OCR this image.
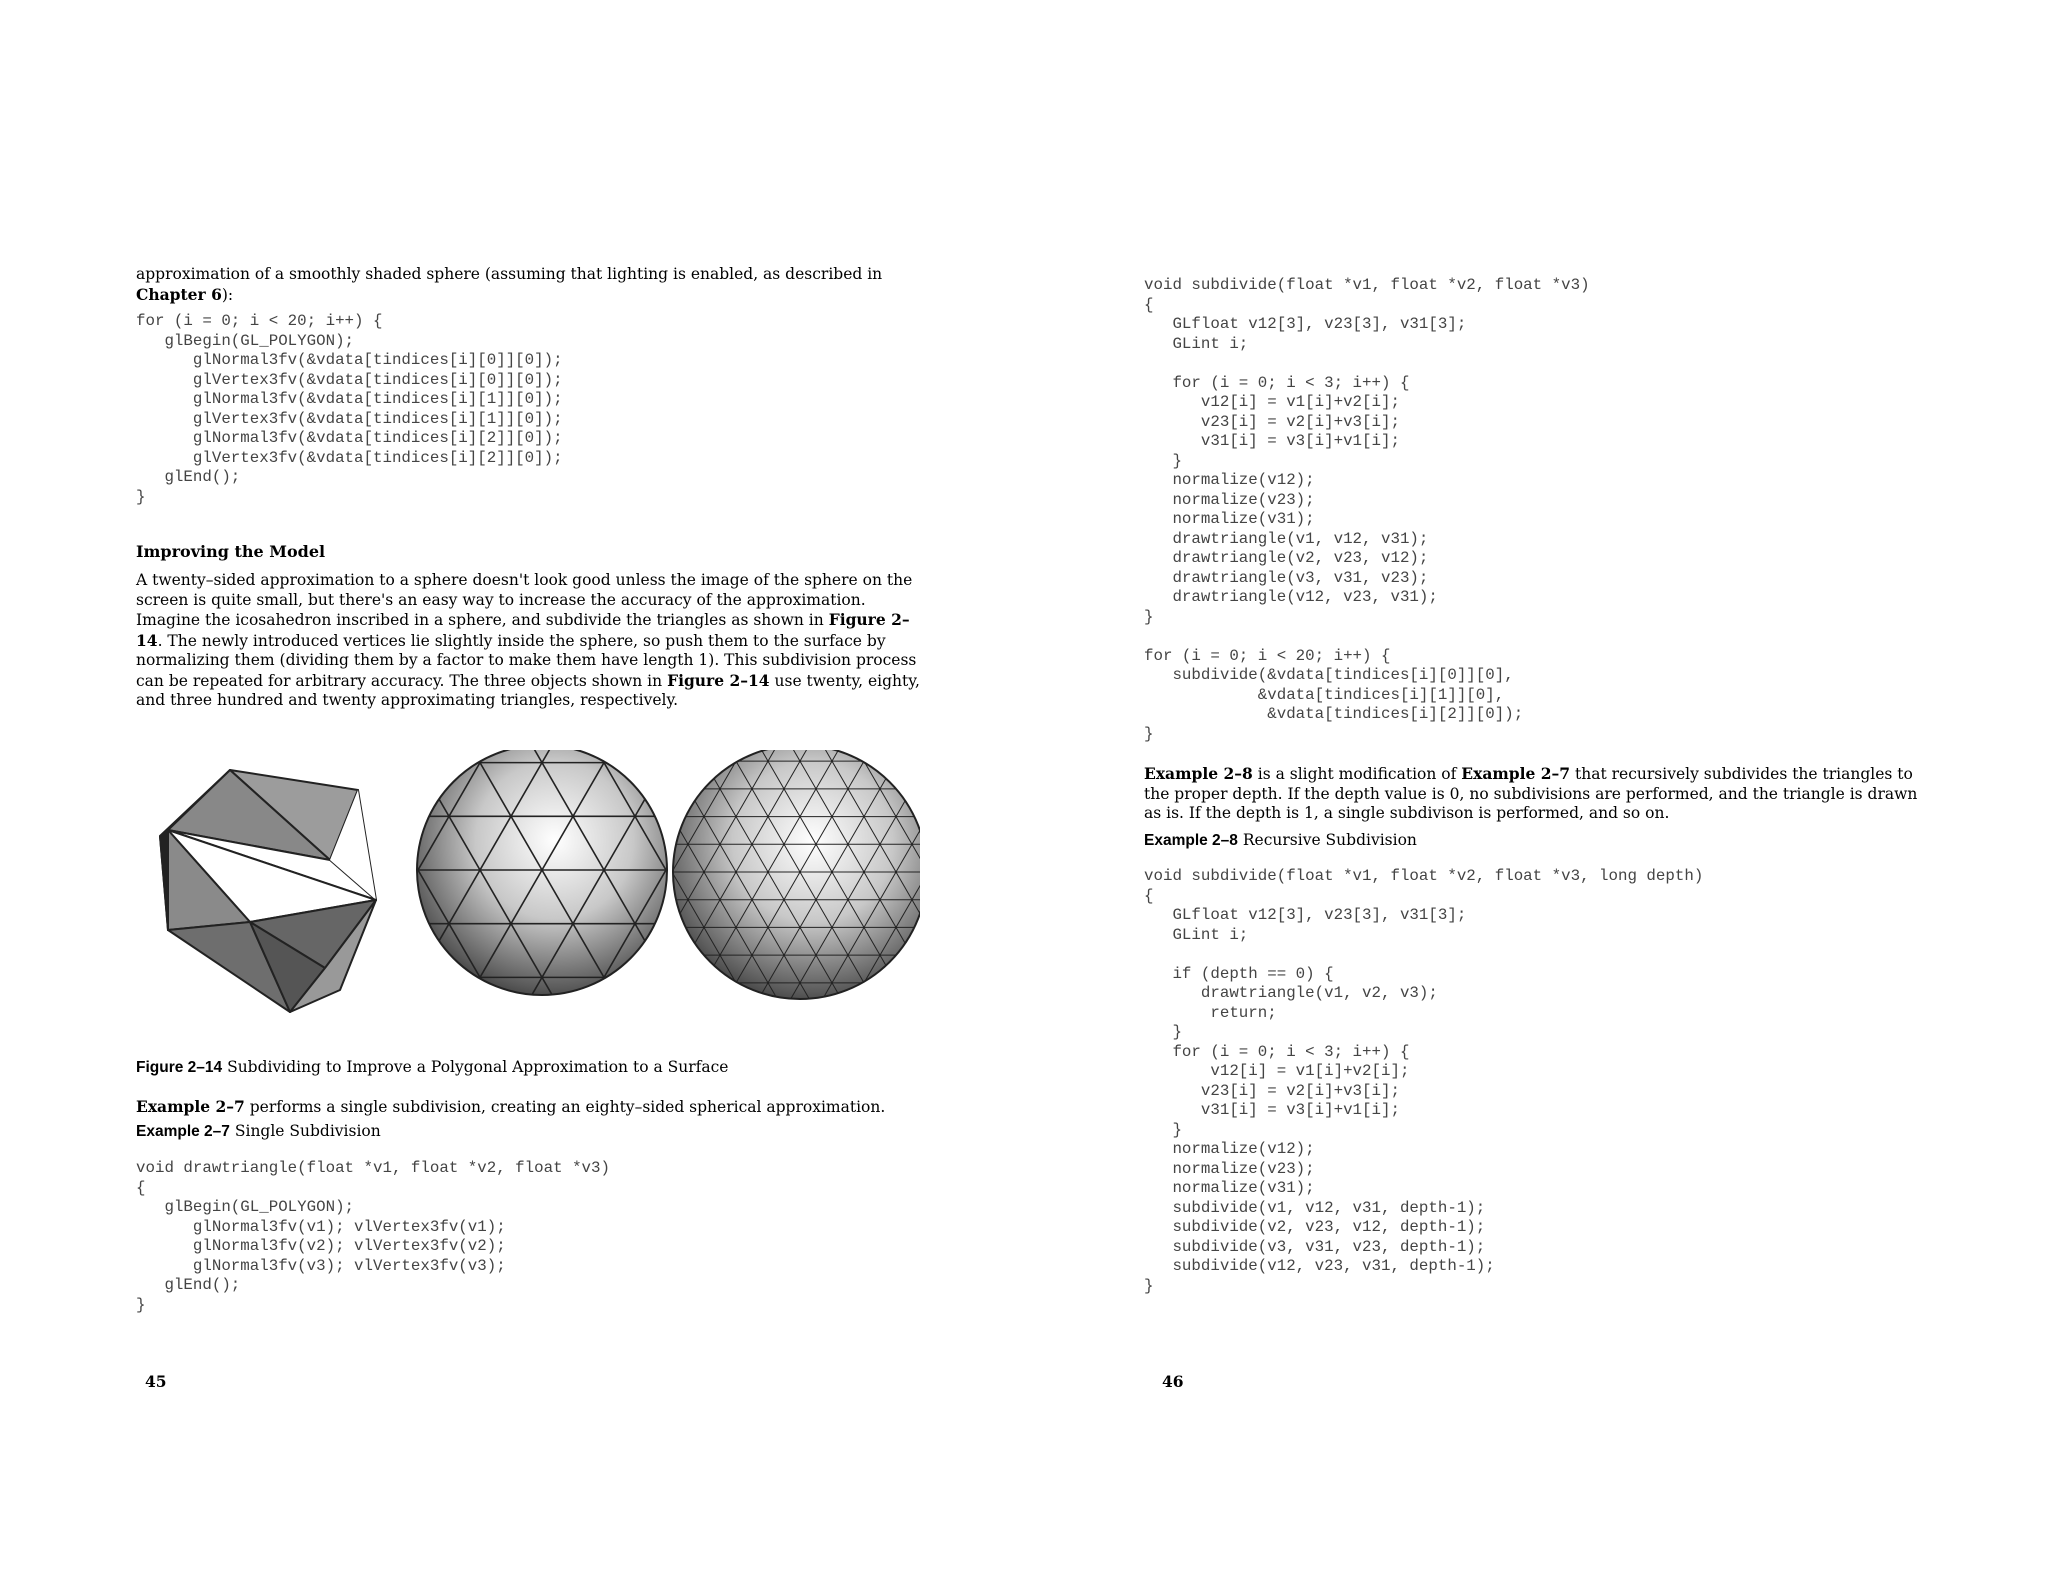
approximation of a smoothly shaded sphere (assuming that lighting is enabled, as described in
Chapter 6):

for (i = 0; i < 20; i++) {
glBegin(GL_POLYGON);
glNormal3fv(&vdata[tindices[i][0]][0]);
glVertex3fv(&vdata[tindices[i][0]][0]);
glNormal3fv(&vdata[tindices[i][1]][0]);
glVertex3fv(&vdata[tindices[i][1]][0]);
glNormal3fv(&vdata[tindices[i][2]][0]);
glVertex3fv(&vdata[tindices[i][2]][0]);
glEnd();
}
Improving the Model

A twenty–sided approximation to a sphere doesn't look good unless the image of the sphere on the screen is quite small, but there's an easy way to increase the accuracy of the approximation. Imagine the icosahedron inscribed in a sphere, and subdivide the triangles as shown in Figure 2–14. The newly introduced vertices lie slightly inside the sphere, so push them to the surface by normalizing them (dividing them by a factor to make them have length 1). This subdivision process can be repeated for arbitrary accuracy. The three objects shown in Figure 2–14 use twenty, eighty, and three hundred and twenty approximating triangles, respectively.

Figure 2–14 Subdividing to Improve a Polygonal Approximation to a Surface

Example 2–7 performs a single subdivision, creating an eighty–sided spherical approximation.

Example 2–7 Single Subdivision

void drawtriangle(float *v1, float *v2, float *v3)
{
glBegin(GL_POLYGON);
glNormal3fv(v1); vlVertex3fv(v1);
glNormal3fv(v2); vlVertex3fv(v2);
glNormal3fv(v3); vlVertex3fv(v3);
glEnd();
}

45

void subdivide(float *v1, float *v2, float *v3)
{
GLfloat v12[3], v23[3], v31[3];
GLint i;

for (i = 0; i < 3; i++) {
v12[i] = v1[i]+v2[i];
v23[i] = v2[i]+v3[i];
v31[i] = v3[i]+v1[i];
}
normalize(v12);
normalize(v23);
normalize(v31);
drawtriangle(v1, v12, v31);
drawtriangle(v2, v23, v12);
drawtriangle(v3, v31, v23);
drawtriangle(v12, v23, v31);
}

for (i = 0; i < 20; i++) {
subdivide(&vdata[tindices[i][0]][0],
&vdata[tindices[i][1]][0],
&vdata[tindices[i][2]][0]);
}

Example 2–8 is a slight modification of Example 2–7 that recursively subdivides the triangles to the proper depth. If the depth value is 0, no subdivisions are performed, and the triangle is drawn as is. If the depth is 1, a single subdivison is performed, and so on.

Example 2–8 Recursive Subdivision

void subdivide(float *v1, float *v2, float *v3, long depth)
{
GLfloat v12[3], v23[3], v31[3];
GLint i;

if (depth == 0) {
drawtriangle(v1, v2, v3);
return;
}
for (i = 0; i < 3; i++) {
v12[i] = v1[i]+v2[i];
v23[i] = v2[i]+v3[i];
v31[i] = v3[i]+v1[i];
}
normalize(v12);
normalize(v23);
normalize(v31);
subdivide(v1, v12, v31, depth-1);
subdivide(v2, v23, v12, depth-1);
subdivide(v3, v31, v23, depth-1);
subdivide(v12, v23, v31, depth-1);
}

46
